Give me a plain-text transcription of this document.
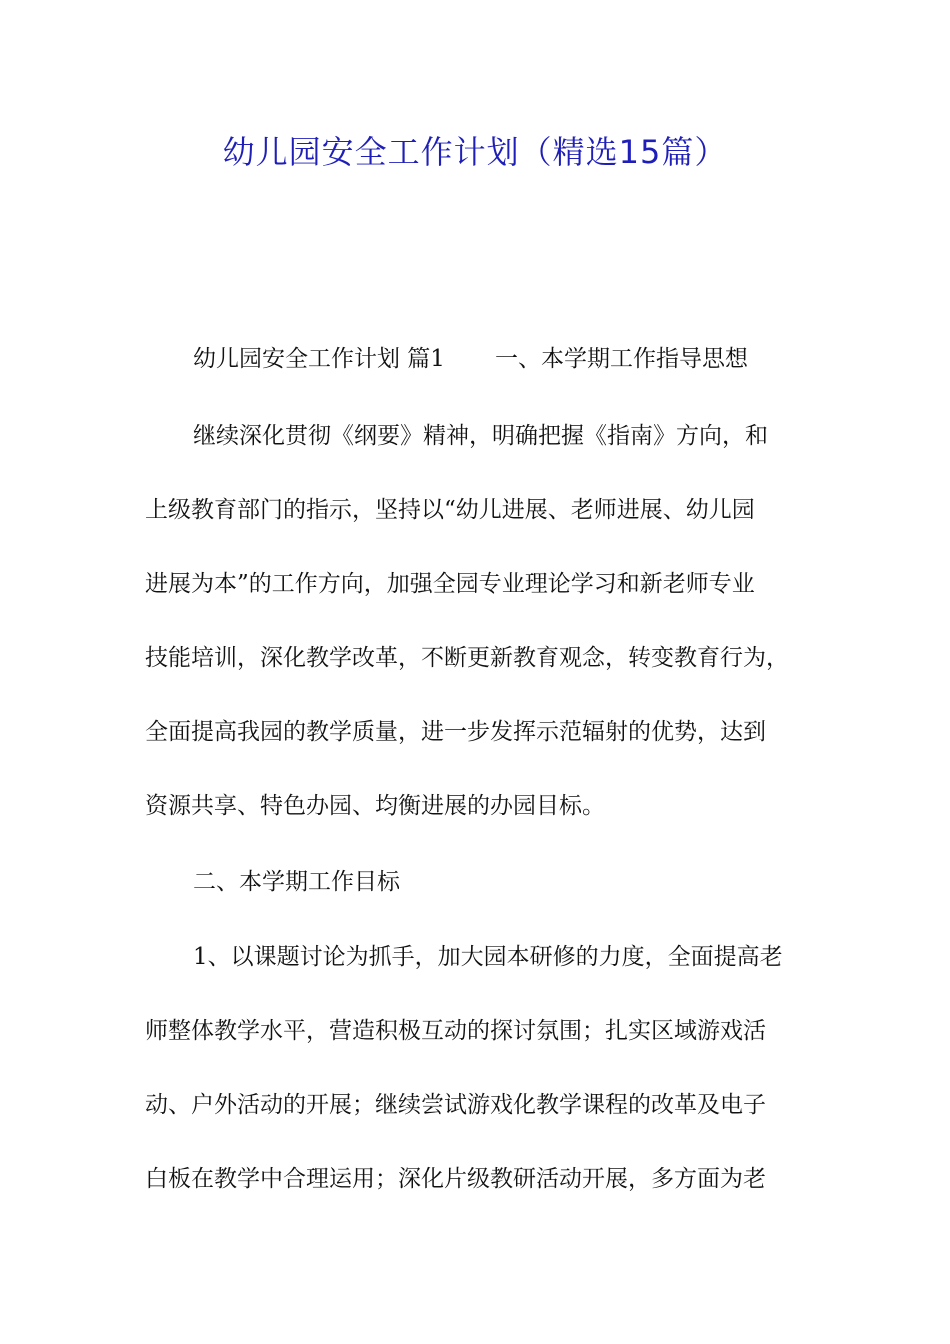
幼儿园安全工作计划（精选15篇）
幼儿园安全工作计划 篇1 一、本学期工作指导思想
继续深化贯彻《纲要》精神，明确把握《指南》方向，和
上级教育部门的指示，坚持以“幼儿进展、老师进展、幼儿园
进展为本”的工作方向，加强全园专业理论学习和新老师专业
技能培训，深化教学改革，不断更新教育观念，转变教育行为，
全面提高我园的教学质量，进一步发挥示范辐射的优势，达到
资源共享、特色办园、均衡进展的办园目标。
二、本学期工作目标
1、以课题讨论为抓手，加大园本研修的力度，全面提高老
师整体教学水平，营造积极互动的探讨氛围；扎实区域游戏活
动、户外活动的开展；继续尝试游戏化教学课程的改革及电子
白板在教学中合理运用；深化片级教研活动开展，多方面为老
